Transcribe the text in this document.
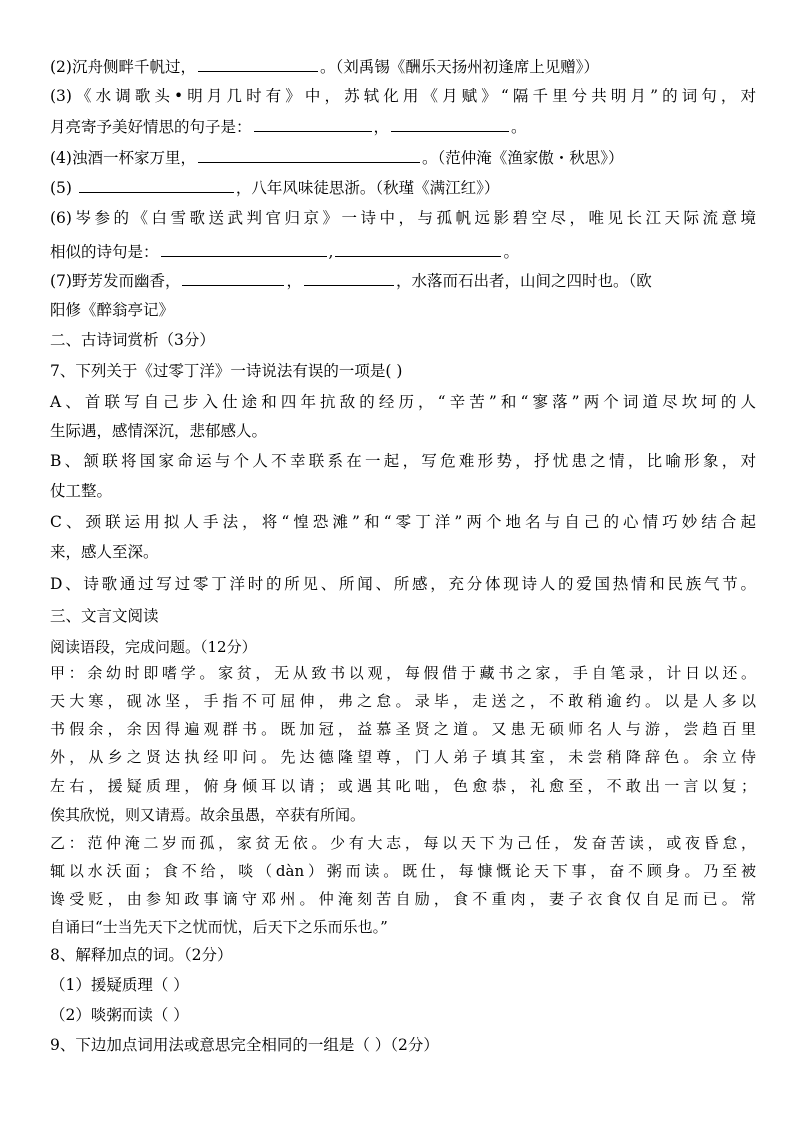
(2)沉舟侧畔千帆过，	。（刘禹锡《酬乐天扬州初逢席上见赠》）

(3)《水调歌头•明月几时有》中，苏轼化用《月赋》“隔千里兮共明月”的词句，对

月亮寄予美好情思的句子是：	，	。

(4)浊酒一杯家万里，	。（范仲淹《渔家傲・秋思》）

(5)	，八年风味徒思浙。（秋瑾《满江红》）

(6)岑参的《白雪歌送武判官归京》一诗中，与孤帆远影碧空尽，唯见长江天际流意境

相似的诗句是：	,	。

(7)野芳发而幽香，	，	，水落而石出者，山间之四时也。（欧

阳修《醉翁亭记》

二、古诗词赏析（3分）

7、下列关于《过零丁洋》一诗说法有误的一项是( )

A、首联写自己步入仕途和四年抗敌的经历，“辛苦”和“寥落”两个词道尽坎坷的人

生际遇，感情深沉，悲郁感人。

B、颔联将国家命运与个人不幸联系在一起，写危难形势，抒忧患之情，比喻形象，对

仗工整。

C、颈联运用拟人手法，将“惶恐滩”和“零丁洋”两个地名与自己的心情巧妙结合起

来，感人至深。

D、诗歌通过写过零丁洋时的所见、所闻、所感，充分体现诗人的爱国热情和民族气节。

三、文言文阅读

阅读语段，完成问题。（12分）

甲：余幼时即嗜学。家贫，无从致书以观，每假借于藏书之家，手自笔录，计日以还。

天大寒，砚冰坚，手指不可屈伸，弗之怠。录毕，走送之，不敢稍逾约。以是人多以

书假余，余因得遍观群书。既加冠，益慕圣贤之道。又患无硕师名人与游，尝趋百里

外，从乡之贤达执经叩问。先达德隆望尊，门人弟子填其室，未尝稍降辞色。余立侍

左右，援疑质理，俯身倾耳以请；或遇其叱咄，色愈恭，礼愈至，不敢出一言以复；

俟其欣悦，则又请焉。故余虽愚，卒获有所闻。

乙：范仲淹二岁而孤，家贫无依。少有大志，每以天下为己任，发奋苦读，或夜昏怠，

辄以水沃面；食不给，啖（dàn）粥而读。既仕，每慷慨论天下事，奋不顾身。乃至被

谗受贬，由参知政事谪守邓州。仲淹刻苦自励，食不重肉，妻子衣食仅自足而已。常

自诵曰“士当先天下之忧而忧，后天下之乐而乐也。”

8、解释加点的词。（2分）

（1）援疑质理（ ）

（2）啖粥而读（ ）

9、下边加点词用法或意思完全相同的一组是（ ）（2分）
